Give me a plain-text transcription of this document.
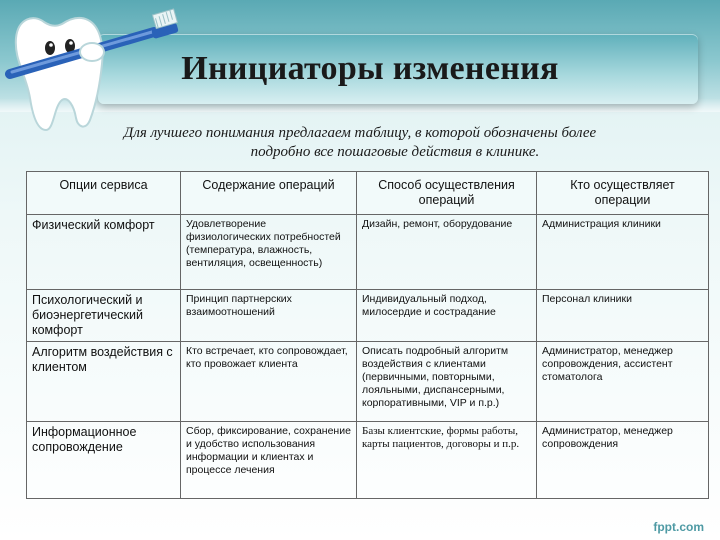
Инициаторы изменения

Для лучшего понимания предлагаем таблицу, в которой обозначены более
подробно все пошаговые действия в клинике.

Опции сервиса	Содержание операций	Способ осуществления операций	Кто осуществляет операции
Физический комфорт	Удовлетворение физиологических потребностей (температура, влажность, вентиляция, освещенность)	Дизайн, ремонт, оборудование	Администрация клиники
Психологический и биоэнергетический комфорт	Принцип партнерских взаимоотношений	Индивидуальный подход, милосердие и сострадание	Персонал клиники
Алгоритм воздействия с клиентом	Кто встречает, кто сопровождает, кто провожает клиента	Описать подробный алгоритм воздействия с клиентами (первичными, повторными, лояльными, диспансерными, корпоративными, VIP и п.р.)	Администратор, менеджер сопровождения, ассистент стоматолога
Информационное сопровождение	Сбор, фиксирование, сохранение и удобство использования информации и клиентах и процессе лечения	Базы клиентские, формы работы, карты пациентов, договоры и п.р.	Администратор, менеджер сопровождения

fppt.com
